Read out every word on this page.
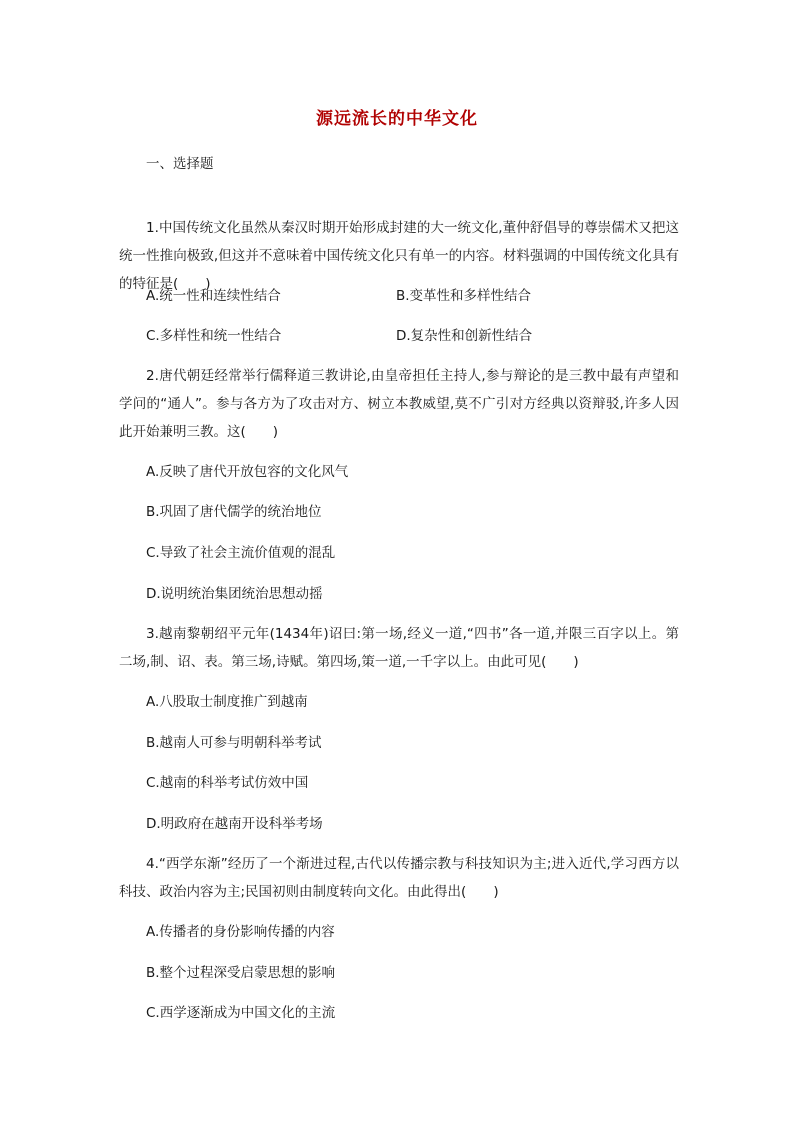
源远流长的中华文化
一、选择题
1.中国传统文化虽然从秦汉时期开始形成封建的大一统文化,董仲舒倡导的尊崇儒术又把这统一性推向极致,但这并不意味着中国传统文化只有单一的内容。材料强调的中国传统文化具有的特征是(　　)
A.统一性和连续性结合	B.变革性和多样性结合
C.多样性和统一性结合	D.复杂性和创新性结合
2.唐代朝廷经常举行儒释道三教讲论,由皇帝担任主持人,参与辩论的是三教中最有声望和学问的“通人”。参与各方为了攻击对方、树立本教威望,莫不广引对方经典以资辩驳,许多人因此开始兼明三教。这(　　)
A.反映了唐代开放包容的文化风气
B.巩固了唐代儒学的统治地位
C.导致了社会主流价值观的混乱
D.说明统治集团统治思想动摇
3.越南黎朝绍平元年(1434年)诏曰:第一场,经义一道,“四书”各一道,并限三百字以上。第二场,制、诏、表。第三场,诗赋。第四场,策一道,一千字以上。由此可见(　　)
A.八股取士制度推广到越南
B.越南人可参与明朝科举考试
C.越南的科举考试仿效中国
D.明政府在越南开设科举考场
4.“西学东渐”经历了一个渐进过程,古代以传播宗教与科技知识为主;进入近代,学习西方以科技、政治内容为主;民国初则由制度转向文化。由此得出(　　)
A.传播者的身份影响传播的内容
B.整个过程深受启蒙思想的影响
C.西学逐渐成为中国文化的主流
